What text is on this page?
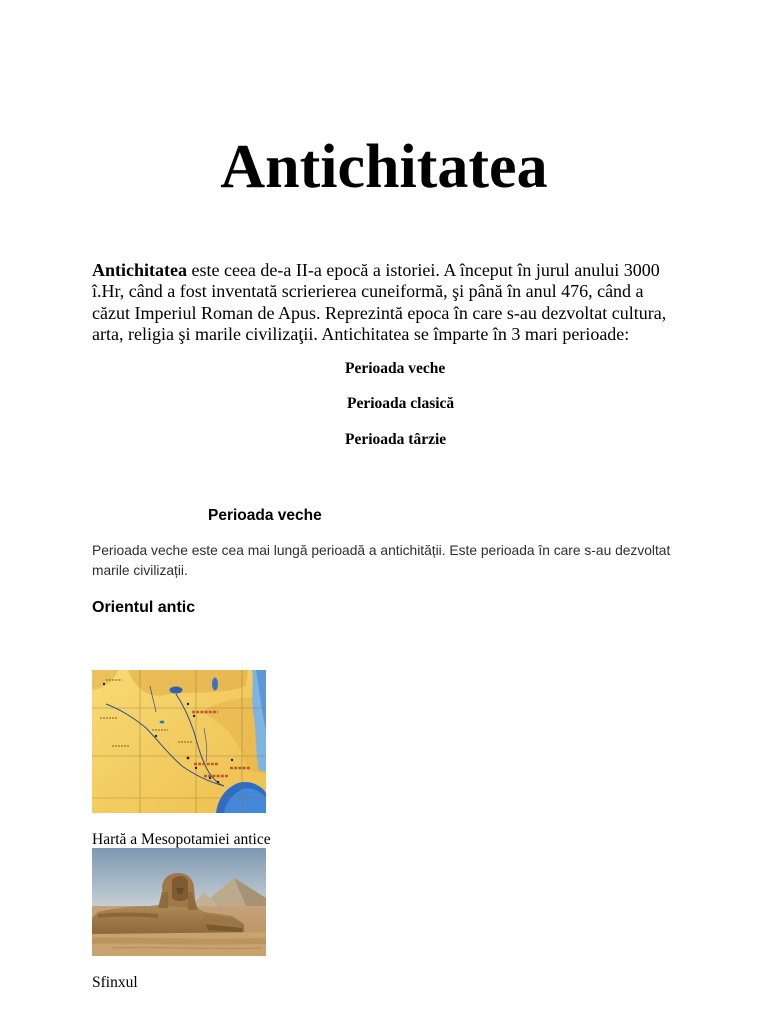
Antichitatea
Antichitatea este ceea de-a II-a epocă a istoriei. A început în jurul anului 3000
î.Hr, când a fost inventată scrierierea cuneiformă, şi până în anul 476, când a
căzut Imperiul Roman de Apus. Reprezintă epoca în care s-au dezvoltat cultura,
arta, religia şi marile civilizaţii. Antichitatea se împarte în 3 mari perioade:
Perioada veche
Perioada clasică
Perioada târzie
Perioada veche
Perioada veche este cea mai lungă perioadă a antichității. Este perioada în care s-au dezvoltat
marile civilizații.
Orientul antic
Hartă a Mesopotamiei antice
Sfinxul
